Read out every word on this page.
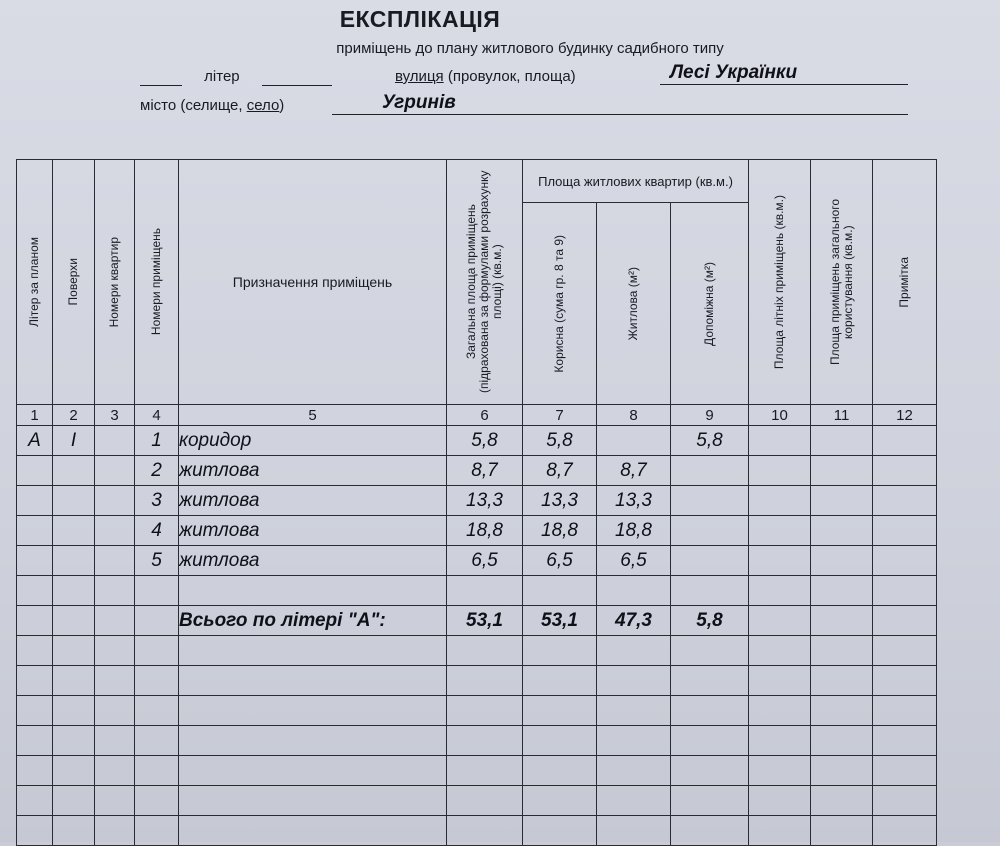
ЕКСПЛІКАЦІЯ
приміщень до плану житлового будинку садибного типу
літер	вулиця (провулок, площа)	Лесі Українки
місто (селище, село)	Угринів
Літер за планом	Поверхи	Номери квартир	Номери приміщень	Призначення приміщень	Загальна площа приміщень (підрахована за формулами розрахунку площі) (кв.м.)	Площа житлових квартир (кв.м.)			Площа літніх приміщень (кв.м.)	Площа приміщень загального користування (кв.м.)	Примітка

						Корисна (сума гр. 8 та 9)	Житлова (м²)	Допоміжна (м²)			

1	2	3	4	5	6	7	8	9	10	11	12
А	І		1	коридор	5,8	5,8		5,8			
			2	житлова	8,7	8,7	8,7				
			3	житлова	13,3	13,3	13,3				
			4	житлова	18,8	18,8	18,8				
			5	житлова	6,5	6,5	6,5				

				Всього по літері "А":	53,1	53,1	47,3	5,8			
